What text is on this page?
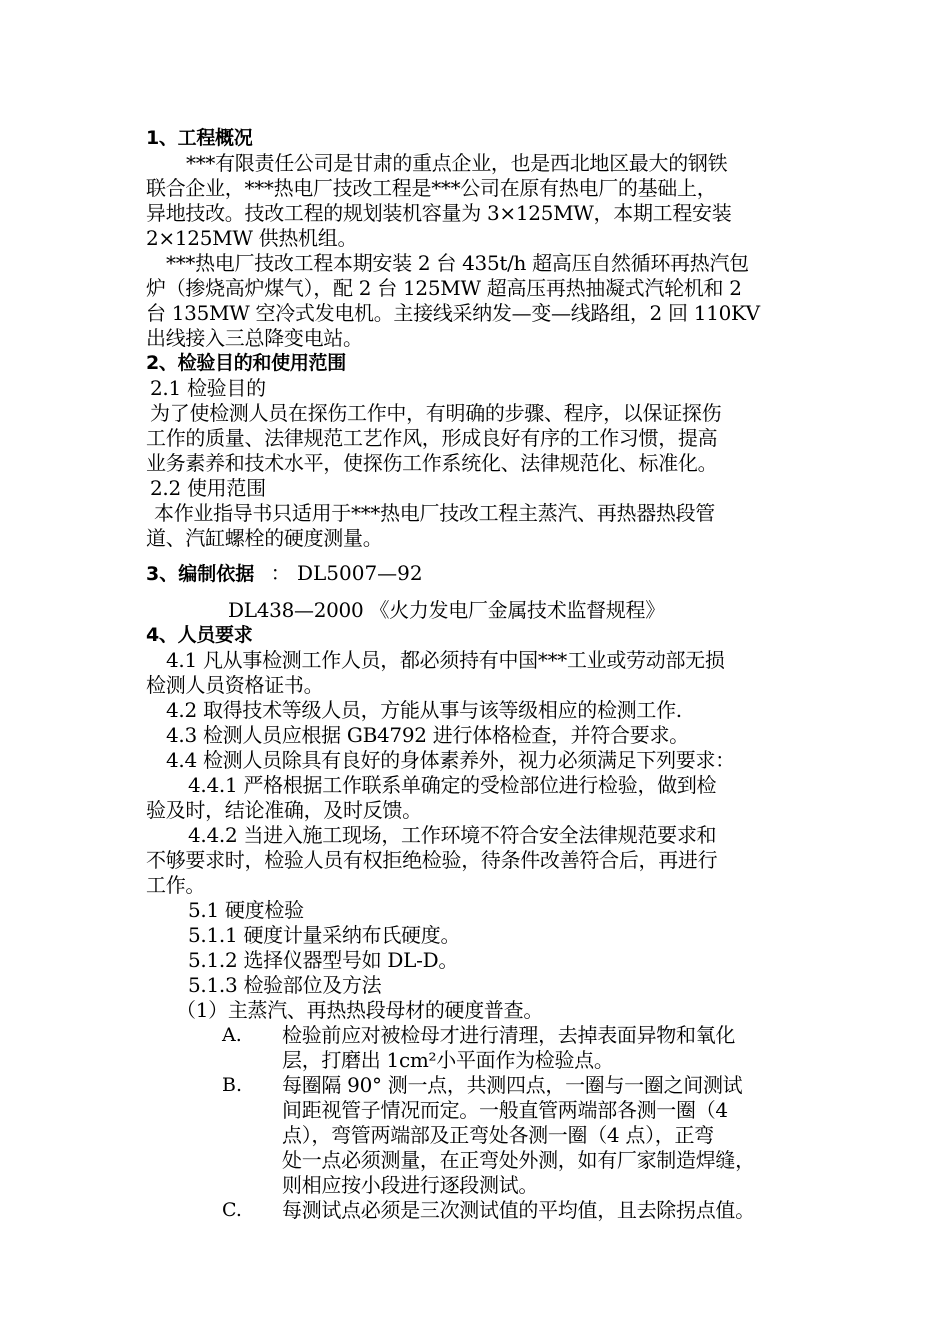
1、工程概况
***有限责任公司是甘肃的重点企业，也是西北地区最大的钢铁
联合企业，***热电厂技改工程是***公司在原有热电厂的基础上，
异地技改。技改工程的规划装机容量为 3×125MW，本期工程安装
2×125MW 供热机组。
***热电厂技改工程本期安装 2 台 435t/h 超高压自然循环再热汽包
炉（掺烧高炉煤气），配 2 台 125MW 超高压再热抽凝式汽轮机和 2
台 135MW 空冷式发电机。主接线采纳发—变—线路组，2 回 110KV
出线接入三总降变电站。
2、检验目的和使用范围
2.1 检验目的
为了使检测人员在探伤工作中，有明确的步骤、程序，以保证探伤
工作的质量、法律规范工艺作风，形成良好有序的工作习惯，提高
业务素养和技术水平，使探伤工作系统化、法律规范化、标准化。
2.2 使用范围
本作业指导书只适用于***热电厂技改工程主蒸汽、再热器热段管
道、汽缸螺栓的硬度测量。
3、编制依据 ： DL5007—92
DL438—2000 《火力发电厂金属技术监督规程》
4、人员要求
4.1 凡从事检测工作人员，都必须持有中国***工业或劳动部无损
检测人员资格证书。
4.2 取得技术等级人员，方能从事与该等级相应的检测工作.
4.3 检测人员应根据 GB4792 进行体格检查，并符合要求。
4.4 检测人员除具有良好的身体素养外，视力必须满足下列要求：
4.4.1 严格根据工作联系单确定的受检部位进行检验，做到检
验及时，结论准确，及时反馈。
4.4.2 当进入施工现场，工作环境不符合安全法律规范要求和
不够要求时，检验人员有权拒绝检验，待条件改善符合后，再进行
工作。
5.1 硬度检验
5.1.1 硬度计量采纳布氏硬度。
5.1.2 选择仪器型号如 DL-D。
5.1.3 检验部位及方法
（1）主蒸汽、再热热段母材的硬度普查。
A. 检验前应对被检母才进行清理，去掉表面异物和氧化
层，打磨出 1cm²小平面作为检验点。
B. 每圈隔 90° 测一点，共测四点，一圈与一圈之间测试
间距视管子情况而定。一般直管两端部各测一圈（4
点），弯管两端部及正弯处各测一圈（4 点），正弯
处一点必须测量，在正弯处外测，如有厂家制造焊缝，
则相应按小段进行逐段测试。
C. 每测试点必须是三次测试值的平均值，且去除拐点值。
